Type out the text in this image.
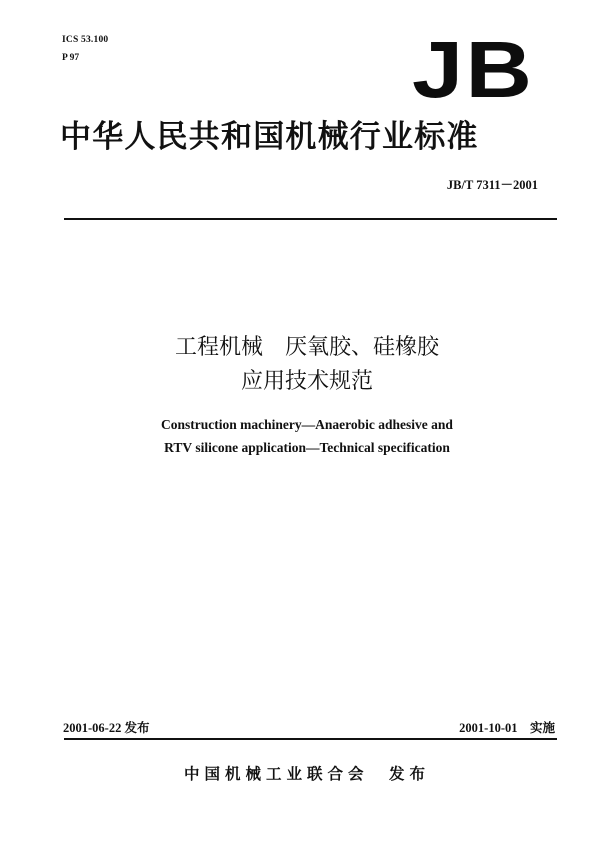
ICS 53.100
P 97	JB
中华人民共和国机械行业标准
JB/T 7311－2001
工程机械　厌氧胶、硅橡胶
应用技术规范
Construction machinery—Anaerobic adhesive and
RTV silicone application—Technical specification
2001-06-22 发布	2001-10-01　实施
中国机械工业联合会　发布
